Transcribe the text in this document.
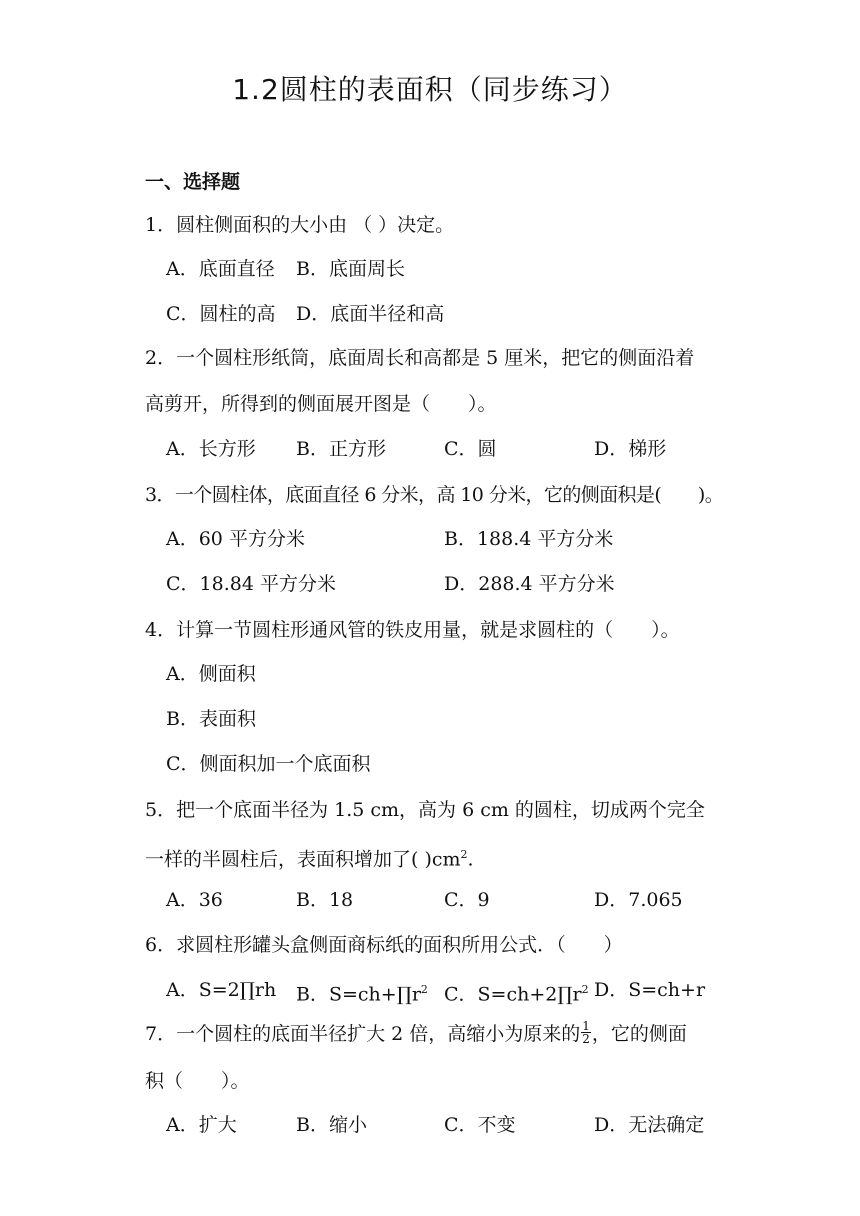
1.2圆柱的表面积（同步练习）
一、选择题
1．圆柱侧面积的大小由 （ ）决定。
A．底面直径 B．底面周长
C．圆柱的高 D．底面半径和高
2．一个圆柱形纸筒，底面周长和高都是 5 厘米，把它的侧面沿着
高剪开，所得到的侧面展开图是（　　）。
A．长方形 B．正方形	C．圆	D．梯形
3．一个圆柱体，底面直径 6 分米，高 10 分米，它的侧面积是(　　)。
A．60 平方分米	B．188.4 平方分米
C．18.84 平方分米	D．288.4 平方分米
4．计算一节圆柱形通风管的铁皮用量，就是求圆柱的（　　）。
A．侧面积
B．表面积
C．侧面积加一个底面积
5．把一个底面半径为 1.5 cm，高为 6 cm 的圆柱，切成两个完全
一样的半圆柱后，表面积增加了( )$cm^2$.
A．36	B．18	C．9	D．7.065
6．求圆柱形罐头盒侧面商标纸的面积所用公式．（　　）
A．S=2∏rh B．$S=ch+\prod r^2$ C．$S=ch+2\prod r^2$ D．S=ch+r
7．一个圆柱的底面半径扩大 2 倍，高缩小为原来的 $\frac{1}{2}$ ，它的侧面
积（　　）。
A．扩大	B．缩小	C．不变	D．无法确定
